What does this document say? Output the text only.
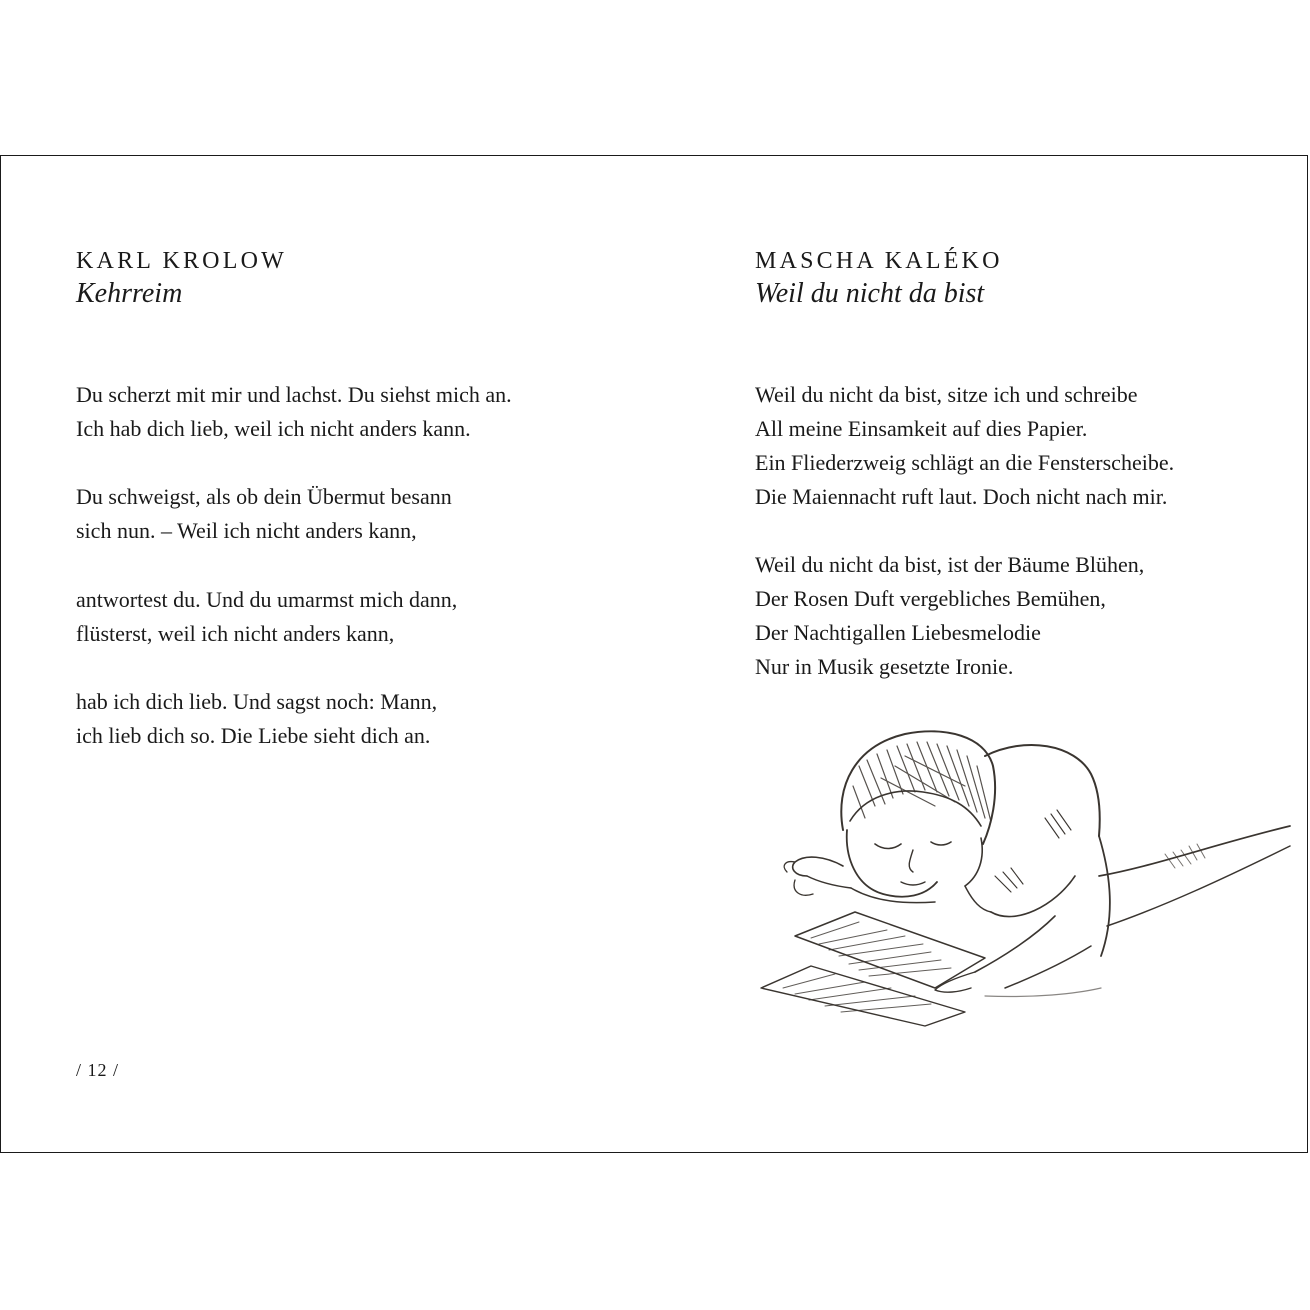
KARL KROLOW
Kehrreim
Du scherzt mit mir und lachst. Du siehst mich an.
Ich hab dich lieb, weil ich nicht anders kann.
Du schweigst, als ob dein Übermut besann
sich nun. – Weil ich nicht anders kann,
antwortest du. Und du umarmst mich dann,
flüsterst, weil ich nicht anders kann,
hab ich dich lieb. Und sagst noch: Mann,
ich lieb dich so. Die Liebe sieht dich an.
/ 12 /
MASCHA KALÉKO
Weil du nicht da bist
Weil du nicht da bist, sitze ich und schreibe
All meine Einsamkeit auf dies Papier.
Ein Fliederzweig schlägt an die Fensterscheibe.
Die Maiennacht ruft laut. Doch nicht nach mir.
Weil du nicht da bist, ist der Bäume Blühen,
Der Rosen Duft vergebliches Bemühen,
Der Nachtigallen Liebesmelodie
Nur in Musik gesetzte Ironie.
